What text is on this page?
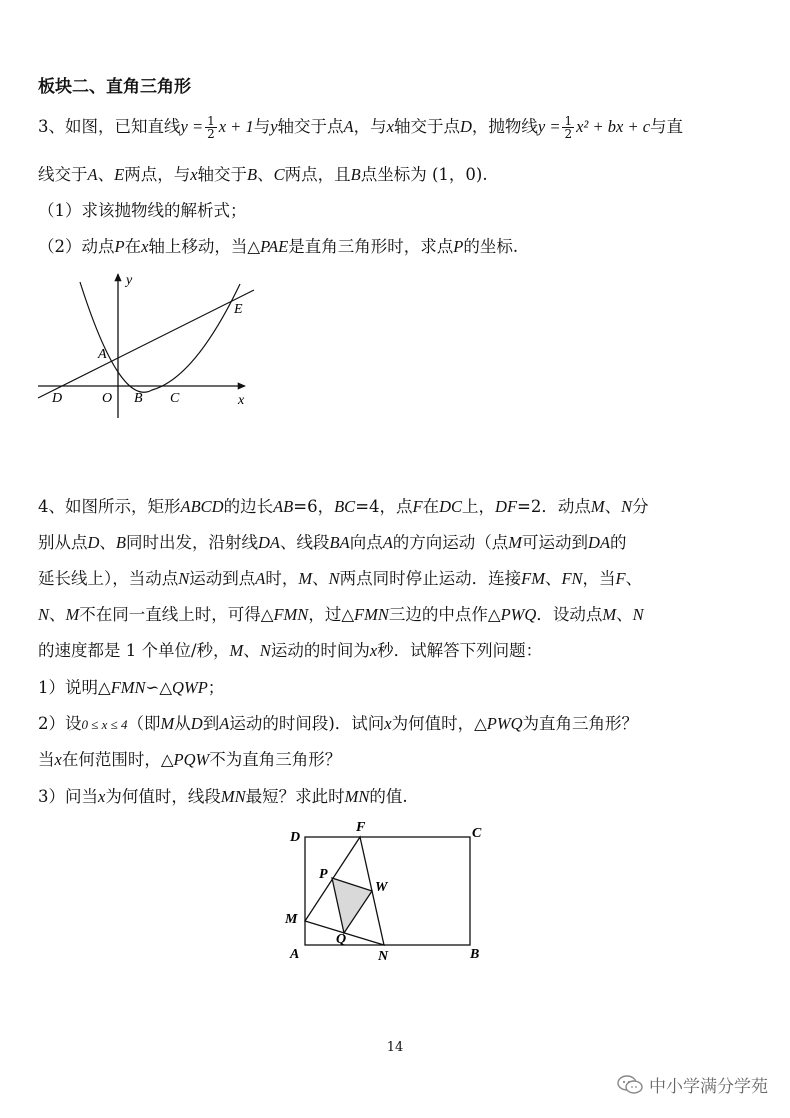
板块二、直角三角形
3、如图，已知直线$y = \frac{1}{2}$ x + 1与y轴交于点A，与x轴交于点D，抛物线$y = \frac{1}{2} x^2$ + bx + c与直
线交于A、E两点，与x轴交于B、C两点，且B点坐标为 (1，0).
（1）求该抛物线的解析式；
（2）动点P在x轴上移动，当△PAE是直角三角形时，求点P的坐标.
y
x
A
E
D	O B C
4、如图所示，矩形ABCD的边长AB=6，BC=4，点F在DC上，DF=2．动点M、N分
别从点D、B同时出发，沿射线DA、线段BA向点A的方向运动（点M可运动到DA的
延长线上），当动点N运动到点A时，M、N两点同时停止运动．连接FM、FN，当F、
N、M不在同一直线上时，可得△FMN，过△FMN三边的中点作△PWQ．设动点M、N
的速度都是 1 个单位/秒，M、N运动的时间为x秒．试解答下列问题：
1）说明△FMN∽△QWP；
2）设0 ≤ x ≤ 4（即M从D到A运动的时间段)．试问x为何值时，△PWQ为直角三角形？
当x在何范围时，△PQW不为直角三角形？
3）问当x为何值时，线段MN最短？求此时MN的值.
D
F	C
P
W
M
Q
A	N	B
14
中小学满分学苑
